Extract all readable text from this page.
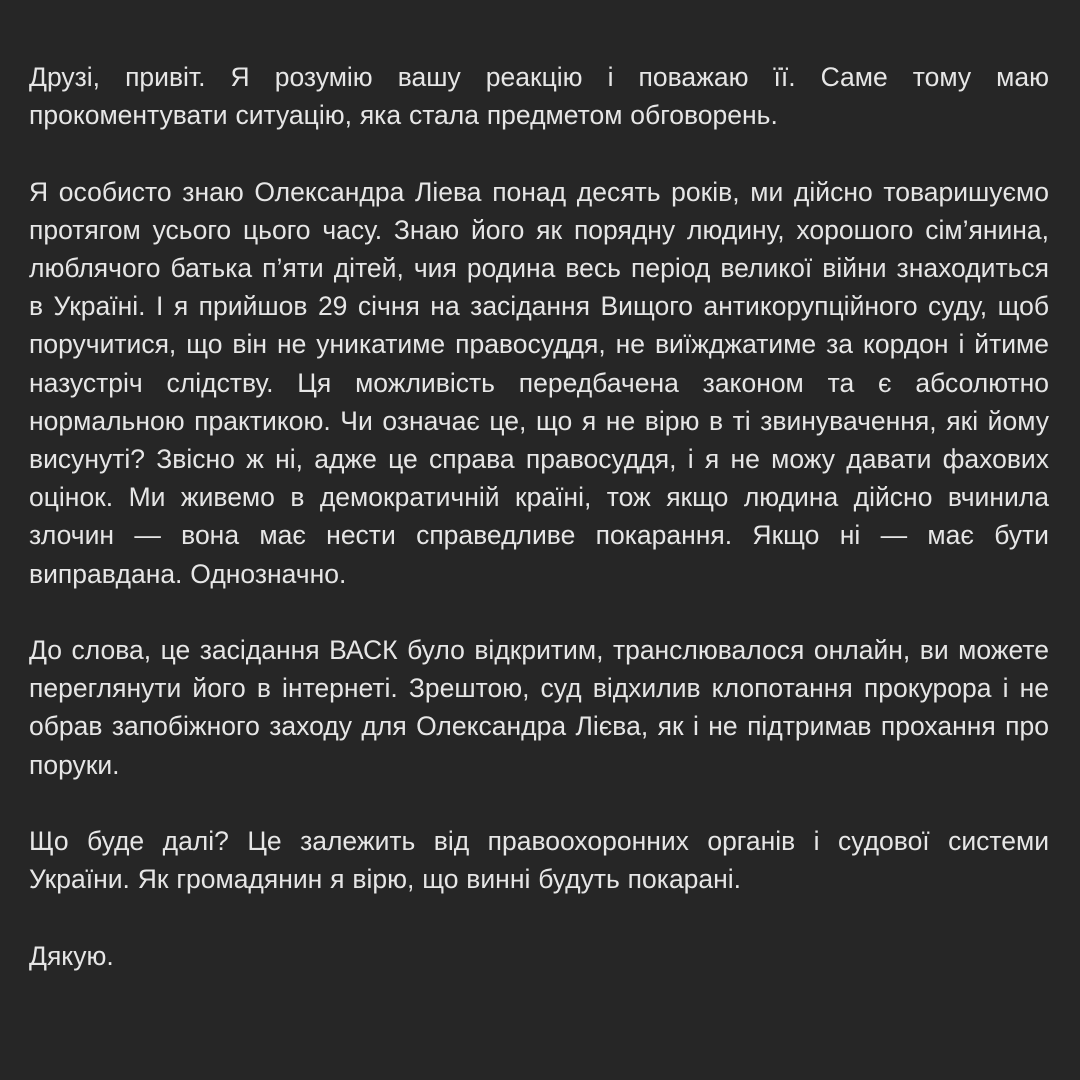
Друзі, привіт. Я розумію вашу реакцію і поважаю її. Саме тому маю прокоментувати ситуацію, яка стала предметом обговорень.

Я особисто знаю Олександра Ліева понад десять років, ми дійсно товаришуємо протягом усього цього часу. Знаю його як порядну людину, хорошого сім’янина, люблячого батька п’яти дітей, чия родина весь період великої війни знаходиться в Україні. І я прийшов 29 січня на засідання Вищого антикорупційного суду, щоб поручитися, що він не уникатиме правосуддя, не виїжджатиме за кордон і йтиме назустріч слідству. Ця можливість передбачена законом та є абсолютно нормальною практикою. Чи означає це, що я не вірю в ті звинувачення, які йому висунуті? Звісно ж ні, адже це справа правосуддя, і я не можу давати фахових оцінок. Ми живемо в демократичній країні, тож якщо людина дійсно вчинила злочин — вона має нести справедливе покарання. Якщо ні — має бути виправдана. Однозначно.

До слова, це засідання ВАСК було відкритим, транслювалося онлайн, ви можете переглянути його в інтернеті. Зрештою, суд відхилив клопотання прокурора і не обрав запобіжного заходу для Олександра Лієва, як і не підтримав прохання про поруки.

Що буде далі? Це залежить від правоохоронних органів і судової системи України. Як громадянин я вірю, що винні будуть покарані.

Дякую.
